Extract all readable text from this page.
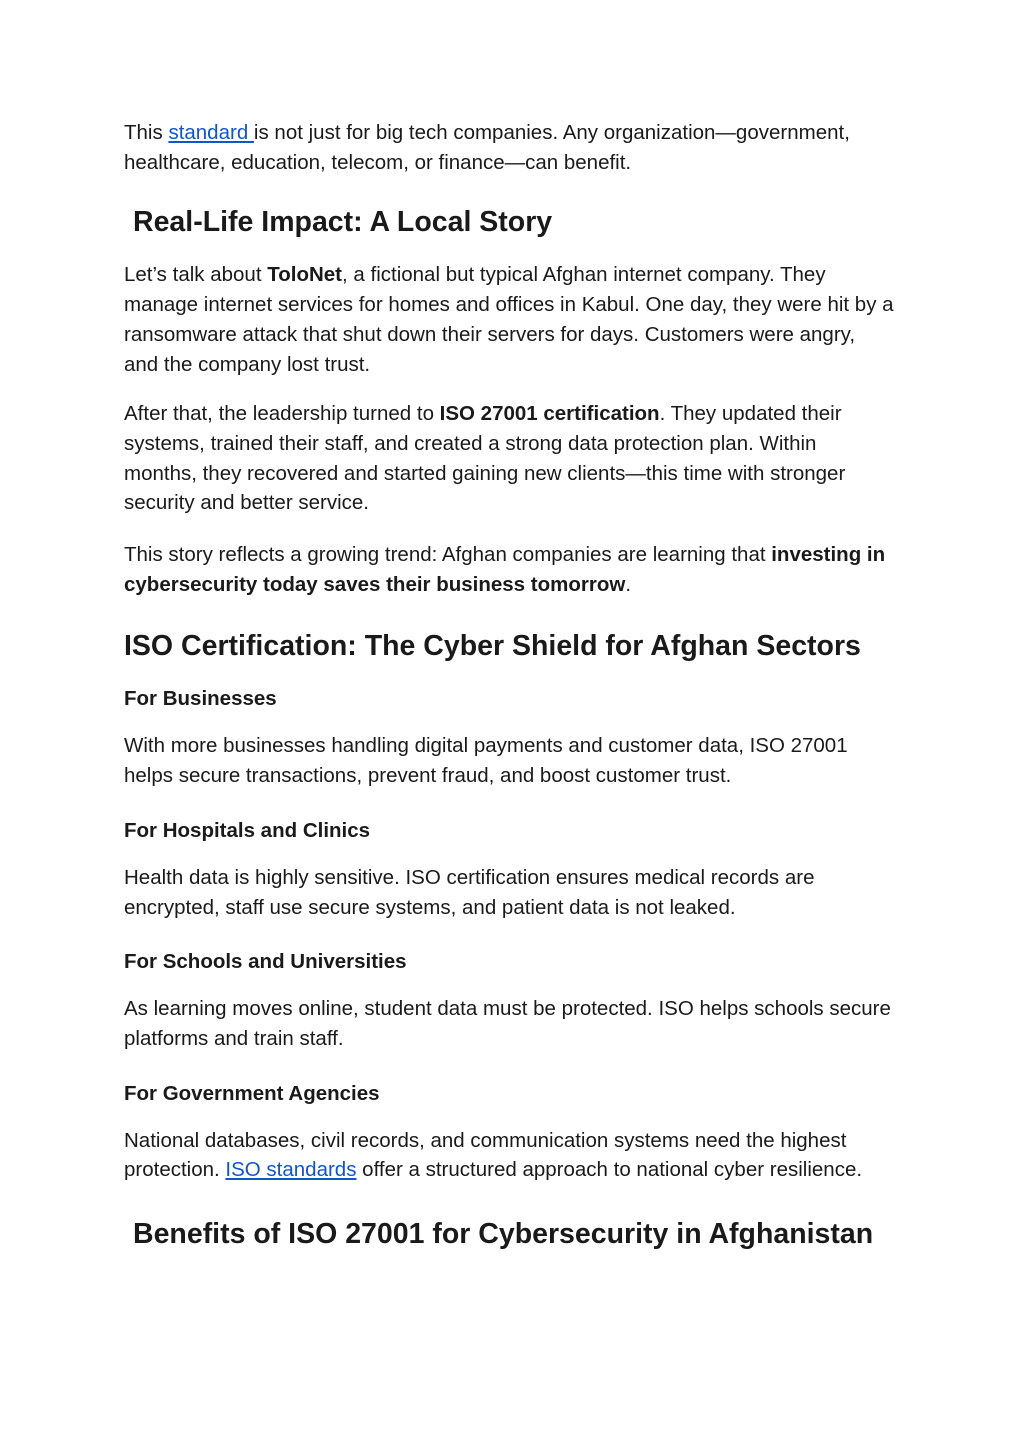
This standard is not just for big tech companies. Any organization—government, healthcare, education, telecom, or finance—can benefit.

Real-Life Impact: A Local Story

Let’s talk about ToloNet, a fictional but typical Afghan internet company. They manage internet services for homes and offices in Kabul. One day, they were hit by a ransomware attack that shut down their servers for days. Customers were angry, and the company lost trust.

After that, the leadership turned to ISO 27001 certification. They updated their systems, trained their staff, and created a strong data protection plan. Within months, they recovered and started gaining new clients—this time with stronger security and better service.

This story reflects a growing trend: Afghan companies are learning that investing in cybersecurity today saves their business tomorrow.

ISO Certification: The Cyber Shield for Afghan Sectors
For Businesses

With more businesses handling digital payments and customer data, ISO 27001 helps secure transactions, prevent fraud, and boost customer trust.

For Hospitals and Clinics

Health data is highly sensitive. ISO certification ensures medical records are encrypted, staff use secure systems, and patient data is not leaked.

For Schools and Universities

As learning moves online, student data must be protected. ISO helps schools secure platforms and train staff.

For Government Agencies

National databases, civil records, and communication systems need the highest protection. ISO standards offer a structured approach to national cyber resilience.

Benefits of ISO 27001 for Cybersecurity in Afghanistan
